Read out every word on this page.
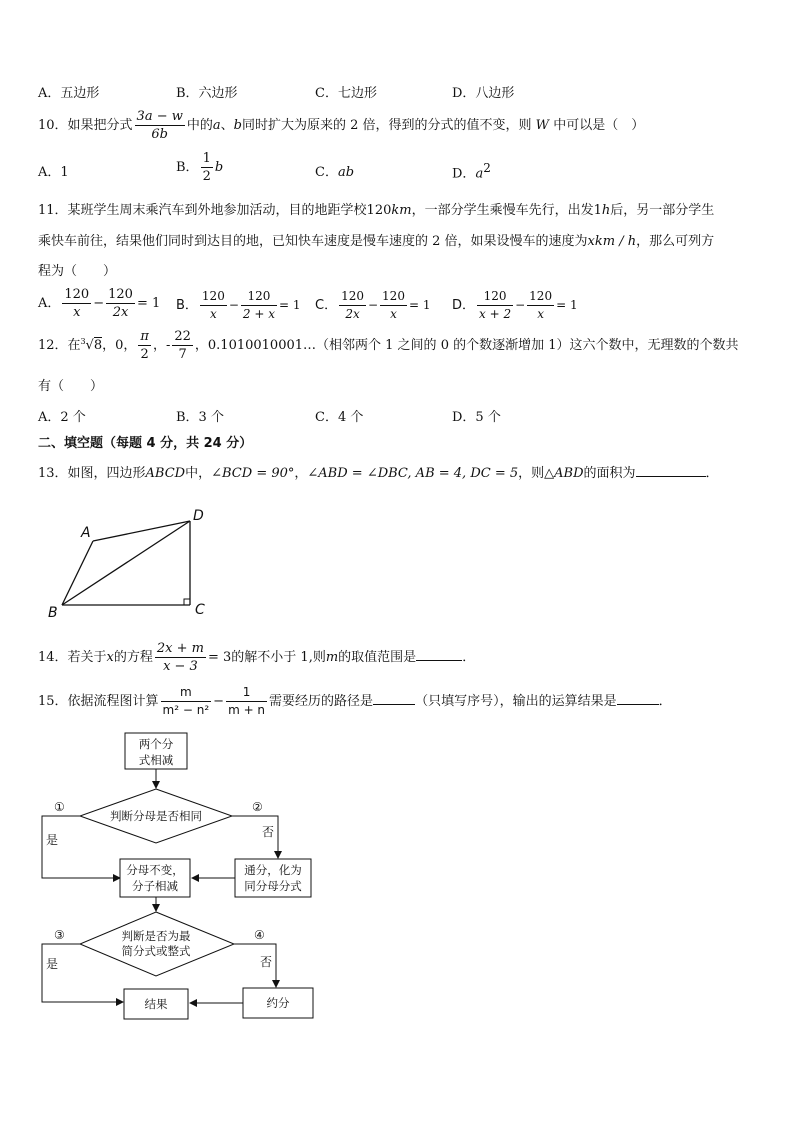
A．五边形	B．六边形	C．七边形	D．八边形
10．如果把分式 $\frac{3a - w}{6b}$ 中的a、b同时扩大为原来的 2 倍，得到的分式的值不变，则 W 中可以是（　）
A．1	B． $\frac{1}{2}$ b	C．ab	D．$a^2$
11．某班学生周末乘汽车到外地参加活动，目的地距学校120km，一部分学生乘慢车先行，出发1h后，另一部分学生
乘快车前往，结果他们同时到达目的地，已知快车速度是慢车速度的 2 倍，如果设慢车的速度为xkm / h，那么可列方
程为（　　）
A． $\frac{120}{x} - \frac{120}{2x} = 1$ B． $\frac{120}{x} - \frac{120}{2 + x} = 1$ C． $\frac{120}{2x} - \frac{120}{x} = 1$ D． $\frac{120}{x + 2} - \frac{120}{x} = 1$
12．在 3 √8，0， $\frac{\pi}{2}$ ，- $\frac{22}{7}$ ，0.1010010001…（相邻两个 1 之间的 0 的个数逐渐增加 1）这六个数中，无理数的个数共
有（　　）
A．2 个	B．3 个	C．4 个	D．5 个
二、填空题（每题 4 分，共 24 分）
13．如图，四边形ABCD中，∠BCD = 90°，∠ABD = ∠DBC, AB = 4, DC = 5，则△ABD的面积为	．
A
B	C
D
14．若关于x的方程 $\frac{2x + m}{x - 3} = 3$的解不小于 1,则m的取值范围是	．
15．依据流程图计算 $\frac{m}{\text{m² − n²}} - \frac{1}{m + n}$ 需要经历的路径是	（只填写序号），输出的运算结果是	．
两个分
式相减
判断分母是否相同
分母不变，
分子相减
通分，化为
同分母分式
判断是否为最
简分式或整式
结果	约分
①	②
是
否
③	④
是	否
